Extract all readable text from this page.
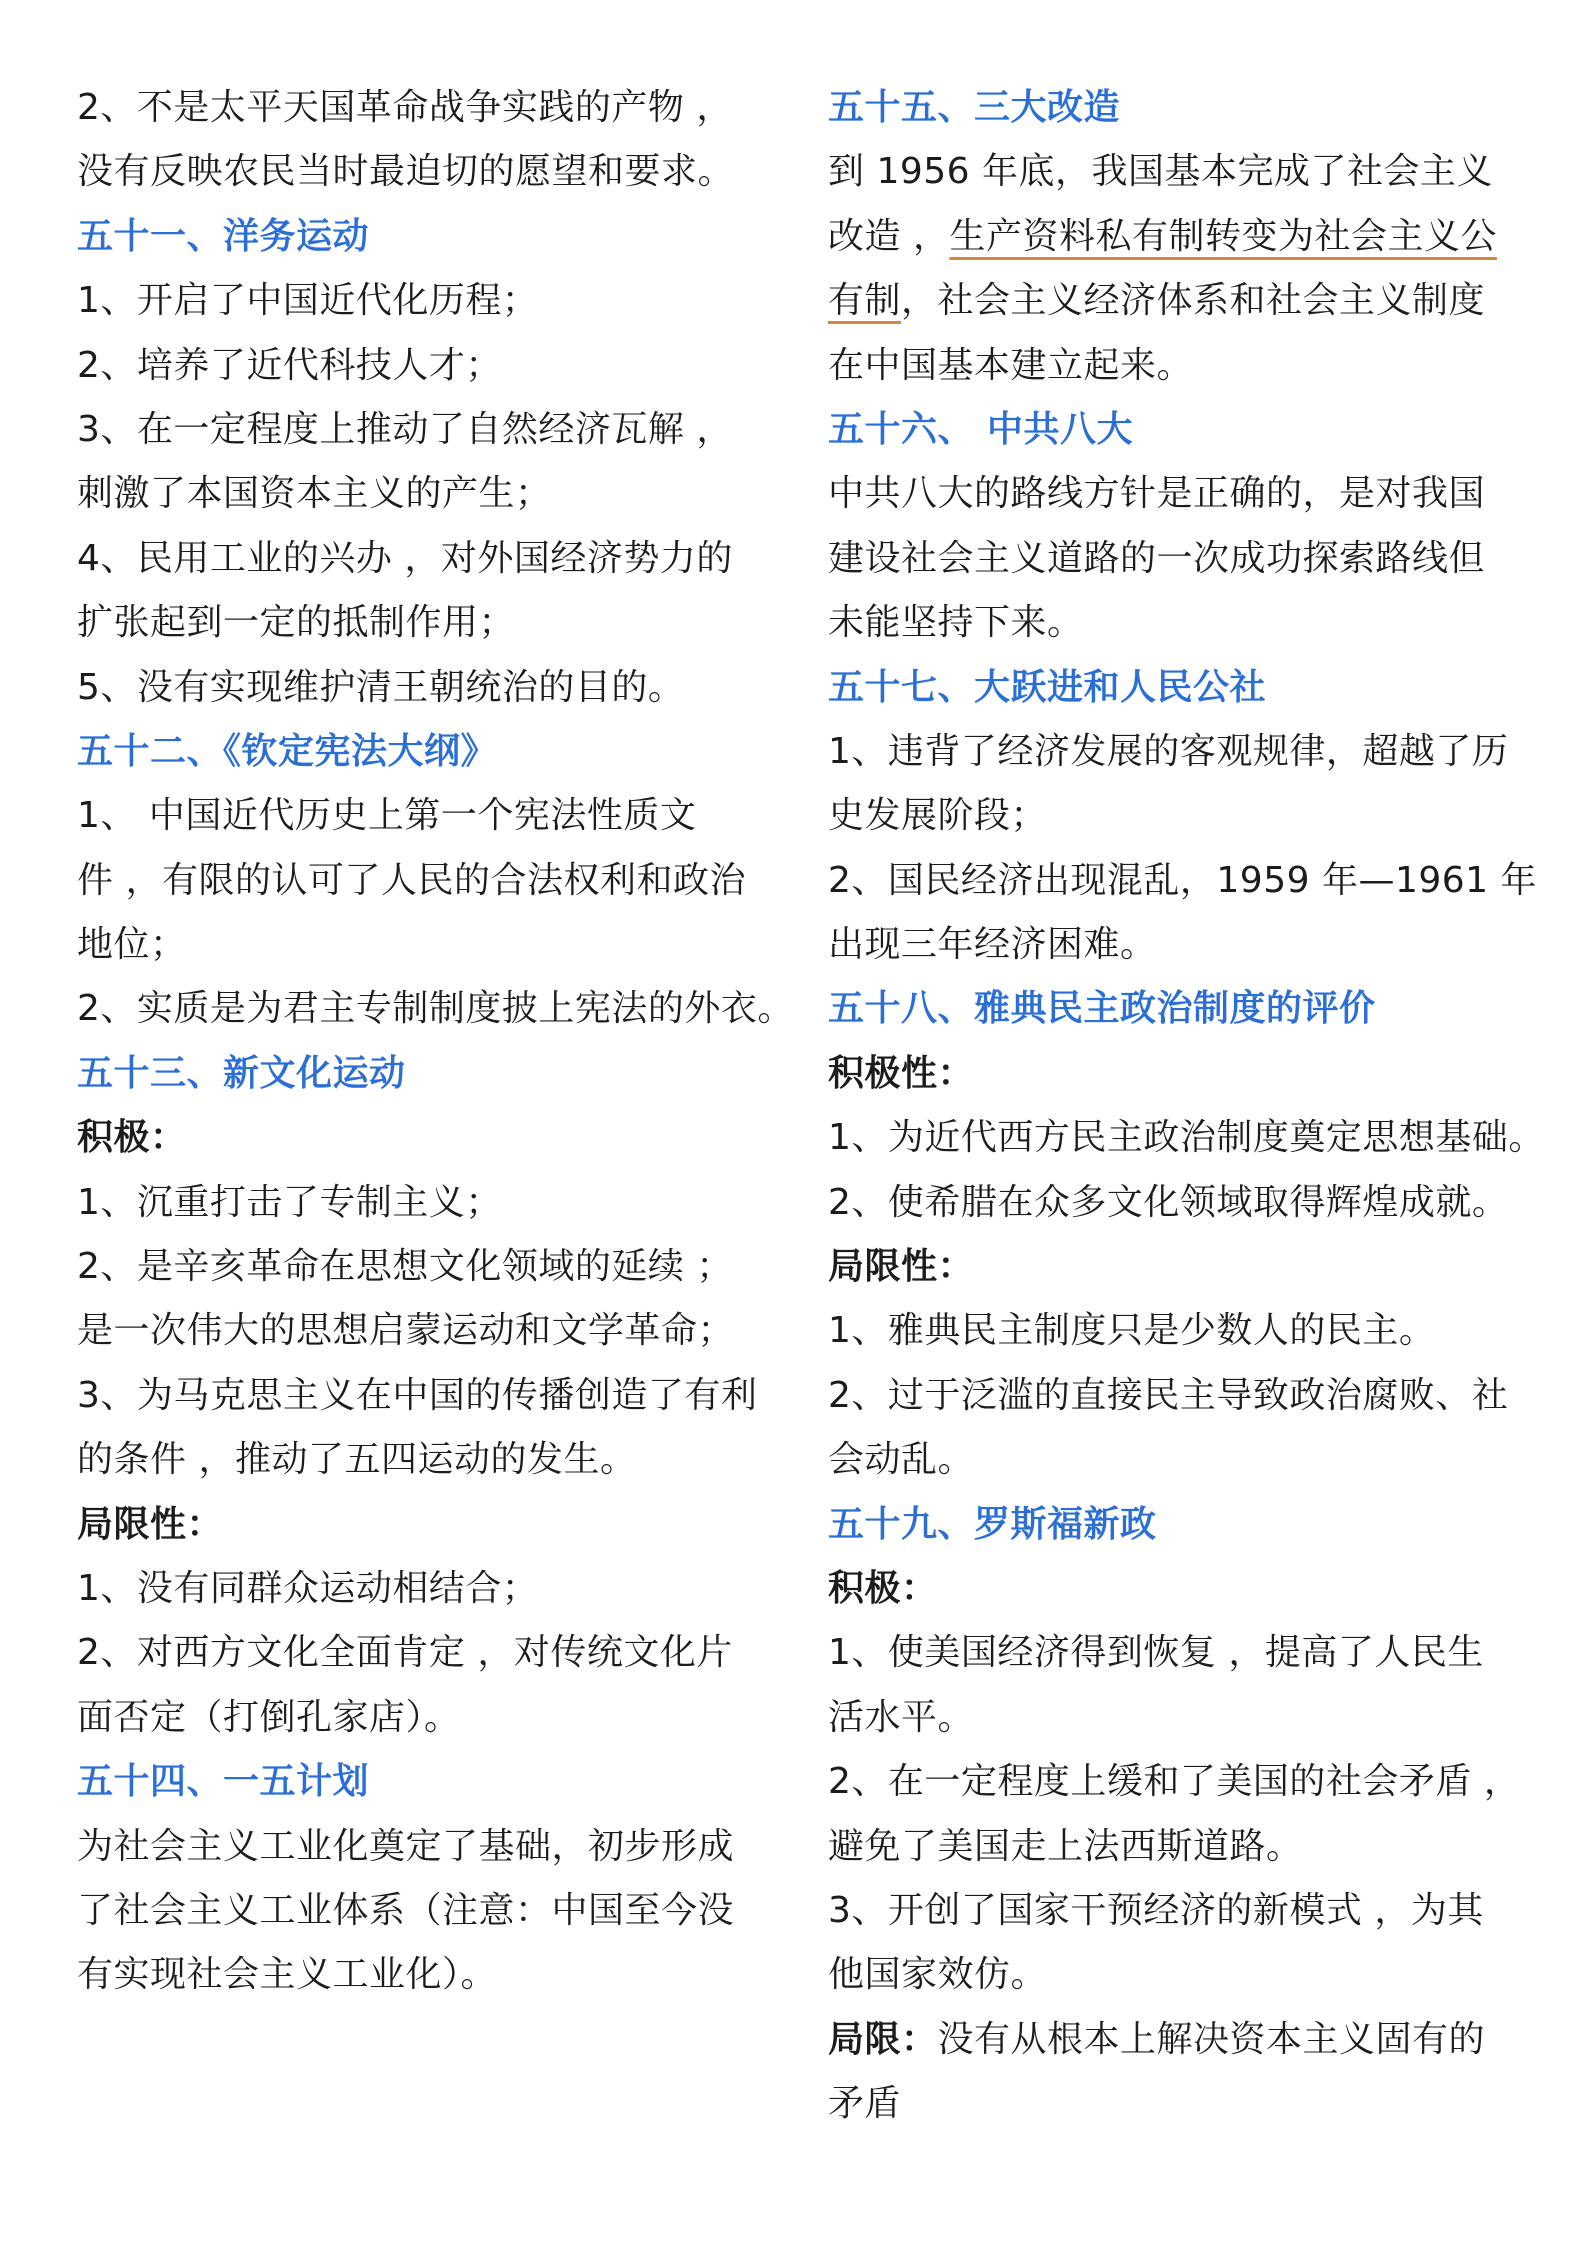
2、不是太平天国革命战争实践的产物 ，
没有反映农民当时最迫切的愿望和要求。
五十一、洋务运动
1、开启了中国近代化历程；
2、培养了近代科技人才；
3、在一定程度上推动了自然经济瓦解 ，
刺激了本国资本主义的产生；
4、民用工业的兴办 ，对外国经济势力的
扩张起到一定的抵制作用；
5、没有实现维护清王朝统治的目的。
五十二、《钦定宪法大纲》
1、 中国近代历史上第一个宪法性质文
件 ，有限的认可了人民的合法权利和政治
地位；
2、实质是为君主专制制度披上宪法的外衣。
五十三、新文化运动
积极：
1、沉重打击了专制主义；
2、是辛亥革命在思想文化领域的延续 ；
是一次伟大的思想启蒙运动和文学革命；
3、为马克思主义在中国的传播创造了有利
的条件 ，推动了五四运动的发生。
局限性：
1、没有同群众运动相结合；
2、对西方文化全面肯定 ，对传统文化片
面否定（打倒孔家店）。
五十四、一五计划
为社会主义工业化奠定了基础，初步形成
了社会主义工业体系（注意：中国至今没
有实现社会主义工业化）。
五十五、三大改造
到 1956 年底，我国基本完成了社会主义
改造 ，生产资料私有制转变为社会主义公
有制，社会主义经济体系和社会主义制度
在中国基本建立起来。
五十六、 中共八大
中共八大的路线方针是正确的，是对我国
建设社会主义道路的一次成功探索路线但
未能坚持下来。
五十七、大跃进和人民公社
1、违背了经济发展的客观规律，超越了历
史发展阶段；
2、国民经济出现混乱，1959 年—1961 年
出现三年经济困难。
五十八、雅典民主政治制度的评价
积极性：
1、为近代西方民主政治制度奠定思想基础。
2、使希腊在众多文化领域取得辉煌成就。
局限性：
1、雅典民主制度只是少数人的民主。
2、过于泛滥的直接民主导致政治腐败、社
会动乱。
五十九、罗斯福新政
积极：
1、使美国经济得到恢复 ，提高了人民生
活水平。
2、在一定程度上缓和了美国的社会矛盾 ，
避免了美国走上法西斯道路。
3、开创了国家干预经济的新模式 ，为其
他国家效仿。
局限：没有从根本上解决资本主义固有的
矛盾
